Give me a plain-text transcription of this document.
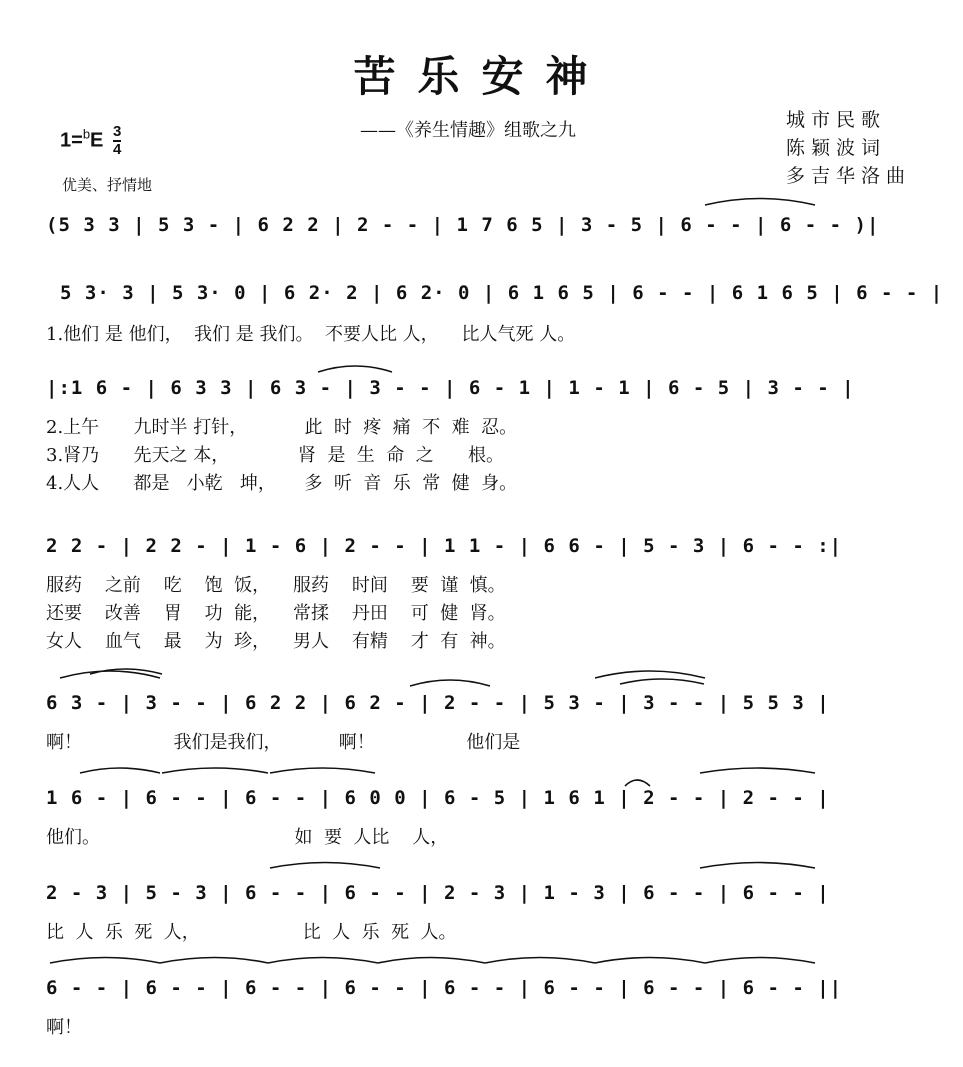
苦乐安神
——《养生情趣》组歌之九	城市民歌
陈颖波词
多吉华洛曲
$1=^bE \frac{3}{4}$
优美、抒情地
(5 3 3 | 5 3 - | 6 2 2 | 2 - - | 1 7 6 5 | 3 - 5 | 6 - - | 6 - - )|
5 3· 3 | 5 3· 0 | 6 2· 2 | 6 2· 0 | 6 1 6 5 | 6 - - | 6 1 6 5 | 6 - - |
1.他们 是 他们，  我们 是 我们。  不要人比 人，    比人气死 人。
|:1 6 - | 6 3 3 | 6 3 - | 3 - - | 6 - 1 | 1 - 1 | 6 - 5 | 3 - - |
2.上午      九时半 打针，          此  时  疼  痛  不  难  忍。
3.肾乃      先天之 本，            肾  是  生  命  之      根。
4.人人      都是   小乾   坤，     多  听  音  乐  常  健  身。
2 2 - | 2 2 - | 1 - 6 | 2 - - | 1 1 - | 6 6 - | 5 - 3 | 6 - - :|
服药    之前    吃    饱  饭，    服药    时间    要  谨  慎。
还要    改善    胃    功  能，    常揉    丹田    可  健  肾。
女人    血气    最    为  珍，    男人    有精    才  有  神。
6 3 - | 3 - - | 6 2 2 | 6 2 - | 2 - - | 5 3 - | 3 - - | 5 5 3 |
啊！                我们是我们，          啊！                他们是
1 6 - | 6 - - | 6 - - | 6 0 0 | 6 - 5 | 1 6 1 | 2 - - | 2 - - |
他们。                                  如  要  人比    人，
2 - 3 | 5 - 3 | 6 - - | 6 - - | 2 - 3 | 1 - 3 | 6 - - | 6 - - |
比  人  乐  死  人，                  比  人  乐  死  人。
6 - - | 6 - - | 6 - - | 6 - - | 6 - - | 6 - - | 6 - - | 6 - - ||
啊！
